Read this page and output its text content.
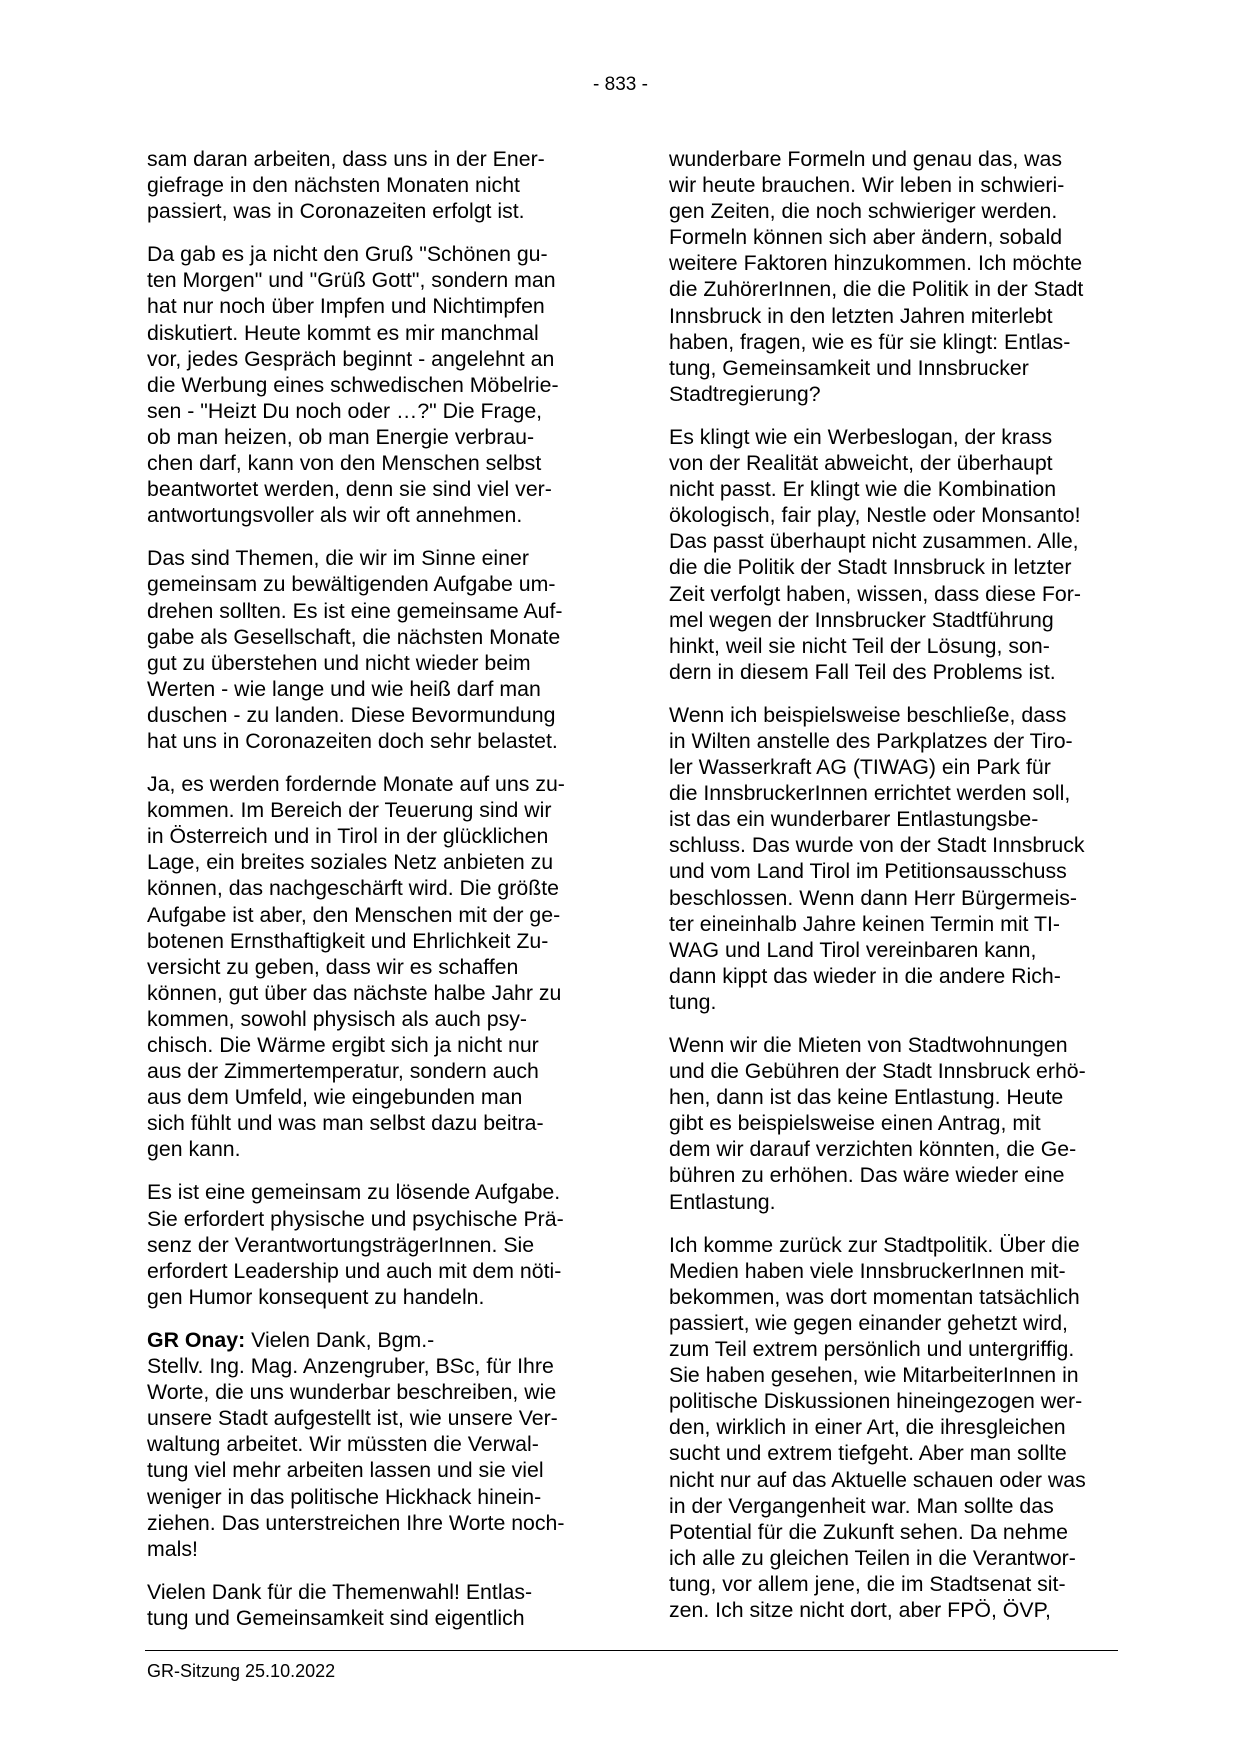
- 833 -

sam daran arbeiten, dass uns in der Ener-
giefrage in den nächsten Monaten nicht
passiert, was in Coronazeiten erfolgt ist.

Da gab es ja nicht den Gruß "Schönen gu-
ten Morgen" und "Grüß Gott", sondern man
hat nur noch über Impfen und Nichtimpfen
diskutiert. Heute kommt es mir manchmal
vor, jedes Gespräch beginnt - angelehnt an
die Werbung eines schwedischen Möbelrie-
sen - "Heizt Du noch oder …?" Die Frage,
ob man heizen, ob man Energie verbrau-
chen darf, kann von den Menschen selbst
beantwortet werden, denn sie sind viel ver-
antwortungsvoller als wir oft annehmen.

Das sind Themen, die wir im Sinne einer
gemeinsam zu bewältigenden Aufgabe um-
drehen sollten. Es ist eine gemeinsame Auf-
gabe als Gesellschaft, die nächsten Monate
gut zu überstehen und nicht wieder beim
Werten - wie lange und wie heiß darf man
duschen - zu landen. Diese Bevormundung
hat uns in Coronazeiten doch sehr belastet.

Ja, es werden fordernde Monate auf uns zu-
kommen. Im Bereich der Teuerung sind wir
in Österreich und in Tirol in der glücklichen
Lage, ein breites soziales Netz anbieten zu
können, das nachgeschärft wird. Die größte
Aufgabe ist aber, den Menschen mit der ge-
botenen Ernsthaftigkeit und Ehrlichkeit Zu-
versicht zu geben, dass wir es schaffen
können, gut über das nächste halbe Jahr zu
kommen, sowohl physisch als auch psy-
chisch. Die Wärme ergibt sich ja nicht nur
aus der Zimmertemperatur, sondern auch
aus dem Umfeld, wie eingebunden man
sich fühlt und was man selbst dazu beitra-
gen kann.

Es ist eine gemeinsam zu lösende Aufgabe.
Sie erfordert physische und psychische Prä-
senz der VerantwortungsträgerInnen. Sie
erfordert Leadership und auch mit dem nöti-
gen Humor konsequent zu handeln.

GR Onay: Vielen Dank, Bgm.-
Stellv. Ing. Mag. Anzengruber, BSc, für Ihre
Worte, die uns wunderbar beschreiben, wie
unsere Stadt aufgestellt ist, wie unsere Ver-
waltung arbeitet. Wir müssten die Verwal-
tung viel mehr arbeiten lassen und sie viel
weniger in das politische Hickhack hinein-
ziehen. Das unterstreichen Ihre Worte noch-
mals!

Vielen Dank für die Themenwahl! Entlas-
tung und Gemeinsamkeit sind eigentlich

wunderbare Formeln und genau das, was
wir heute brauchen. Wir leben in schwieri-
gen Zeiten, die noch schwieriger werden.
Formeln können sich aber ändern, sobald
weitere Faktoren hinzukommen. Ich möchte
die ZuhörerInnen, die die Politik in der Stadt
Innsbruck in den letzten Jahren miterlebt
haben, fragen, wie es für sie klingt: Entlas-
tung, Gemeinsamkeit und Innsbrucker
Stadtregierung?

Es klingt wie ein Werbeslogan, der krass
von der Realität abweicht, der überhaupt
nicht passt. Er klingt wie die Kombination
ökologisch, fair play, Nestle oder Monsanto!
Das passt überhaupt nicht zusammen. Alle,
die die Politik der Stadt Innsbruck in letzter
Zeit verfolgt haben, wissen, dass diese For-
mel wegen der Innsbrucker Stadtführung
hinkt, weil sie nicht Teil der Lösung, son-
dern in diesem Fall Teil des Problems ist.

Wenn ich beispielsweise beschließe, dass
in Wilten anstelle des Parkplatzes der Tiro-
ler Wasserkraft AG (TIWAG) ein Park für
die InnsbruckerInnen errichtet werden soll,
ist das ein wunderbarer Entlastungsbe-
schluss. Das wurde von der Stadt Innsbruck
und vom Land Tirol im Petitionsausschuss
beschlossen. Wenn dann Herr Bürgermeis-
ter eineinhalb Jahre keinen Termin mit TI-
WAG und Land Tirol vereinbaren kann,
dann kippt das wieder in die andere Rich-
tung.

Wenn wir die Mieten von Stadtwohnungen
und die Gebühren der Stadt Innsbruck erhö-
hen, dann ist das keine Entlastung. Heute
gibt es beispielsweise einen Antrag, mit
dem wir darauf verzichten könnten, die Ge-
bühren zu erhöhen. Das wäre wieder eine
Entlastung.

Ich komme zurück zur Stadtpolitik. Über die
Medien haben viele InnsbruckerInnen mit-
bekommen, was dort momentan tatsächlich
passiert, wie gegen einander gehetzt wird,
zum Teil extrem persönlich und untergriffig.
Sie haben gesehen, wie MitarbeiterInnen in
politische Diskussionen hineingezogen wer-
den, wirklich in einer Art, die ihresgleichen
sucht und extrem tiefgeht. Aber man sollte
nicht nur auf das Aktuelle schauen oder was
in der Vergangenheit war. Man sollte das
Potential für die Zukunft sehen. Da nehme
ich alle zu gleichen Teilen in die Verantwor-
tung, vor allem jene, die im Stadtsenat sit-
zen. Ich sitze nicht dort, aber FPÖ, ÖVP,

GR-Sitzung 25.10.2022
